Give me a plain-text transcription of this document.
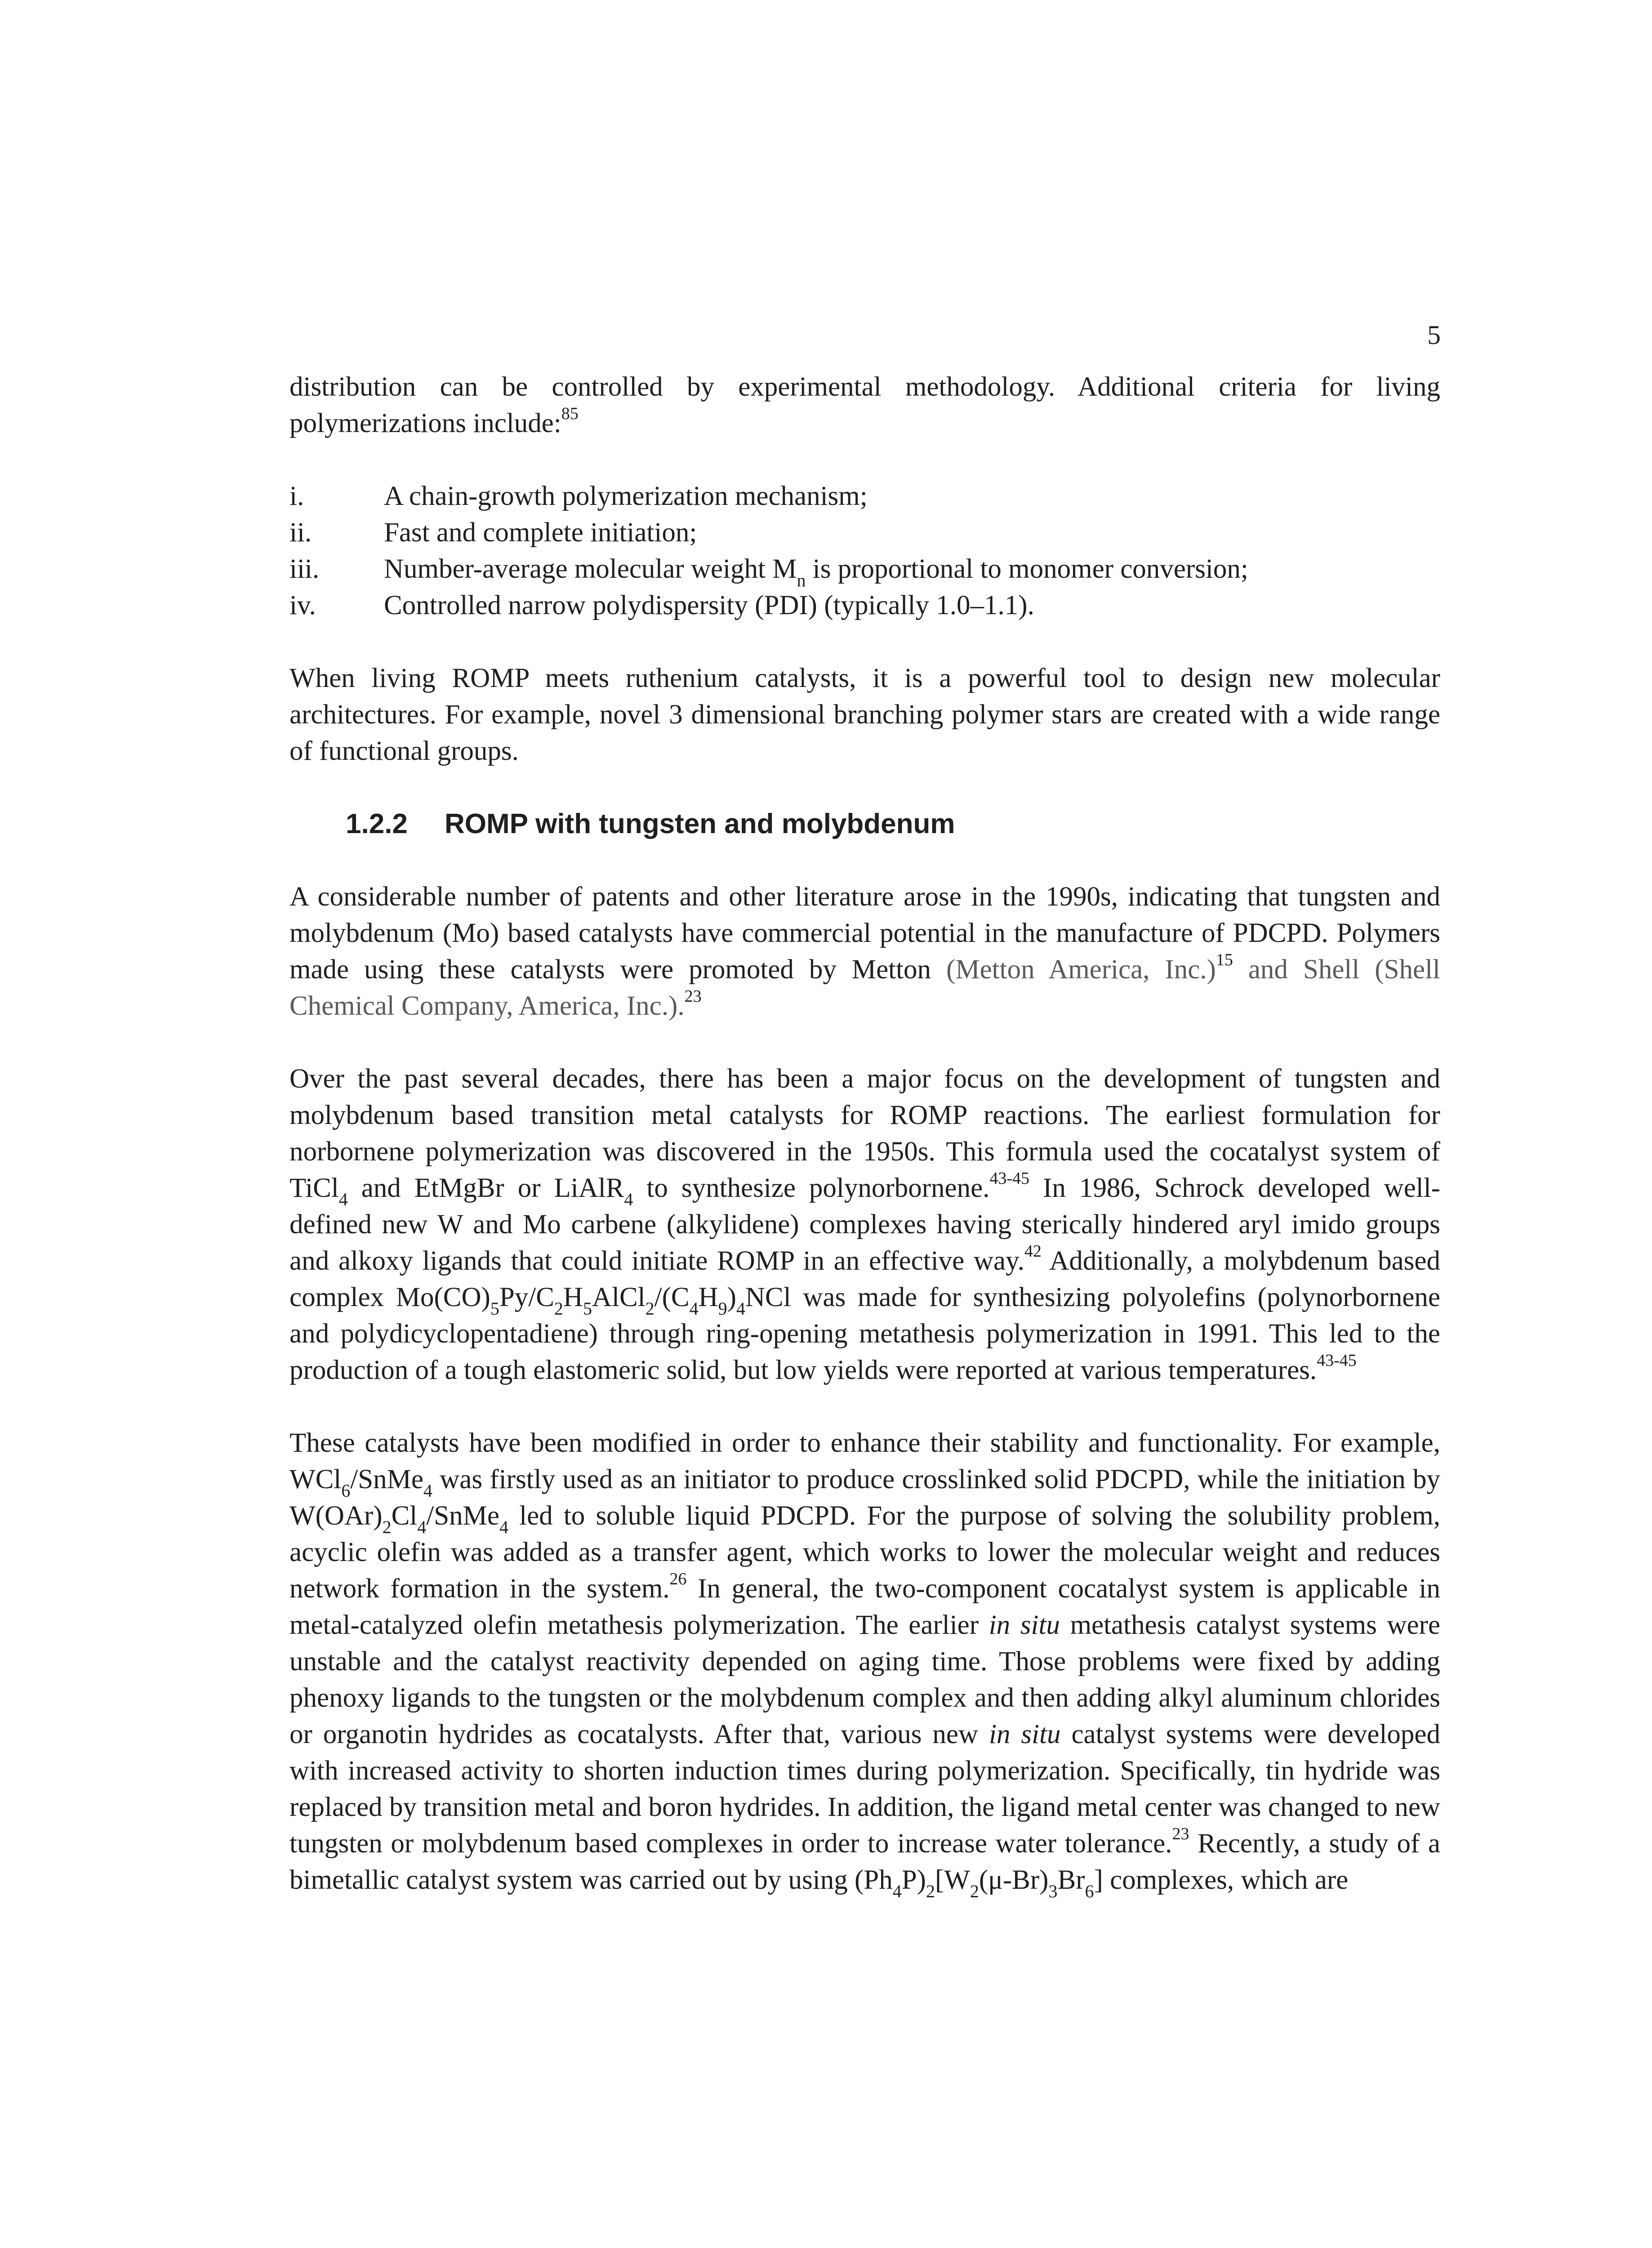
5

distribution can be controlled by experimental methodology. Additional criteria for living polymerizations include:$^{85}$

i.	A chain-growth polymerization mechanism;
ii.	Fast and complete initiation;
iii. Number-average molecular weight $M_n$ is proportional to monomer conversion;
iv. Controlled narrow polydispersity (PDI) (typically 1.0–1.1).

When living ROMP meets ruthenium catalysts, it is a powerful tool to design new molecular architectures. For example, novel 3 dimensional branching polymer stars are created with a wide range of functional groups.

1.2.2	ROMP with tungsten and molybdenum

A considerable number of patents and other literature arose in the 1990s, indicating that tungsten and molybdenum (Mo) based catalysts have commercial potential in the manufacture of PDCPD. Polymers made using these catalysts were promoted by Metton (Metton America, Inc.)$^{15}$ and Shell (Shell Chemical Company, America, Inc.).$^{23}$

Over the past several decades, there has been a major focus on the development of tungsten and molybdenum based transition metal catalysts for ROMP reactions. The earliest formulation for norbornene polymerization was discovered in the 1950s. This formula used the cocatalyst system of TiCl$_4$ and EtMgBr or LiAlR$_4$ to synthesize polynorbornene.$^{43-45}$ In 1986, Schrock developed well-defined new W and Mo carbene (alkylidene) complexes having sterically hindered aryl imido groups and alkoxy ligands that could initiate ROMP in an effective way.$^{42}$ Additionally, a molybdenum based complex $Mo(CO)_5Py/C_2H_5AlCl_2/(C_4H_9)_4NCl$ was made for synthesizing polyolefins (polynorbornene and polydicyclopentadiene) through ring-opening metathesis polymerization in 1991. This led to the production of a tough elastomeric solid, but low yields were reported at various temperatures.$^{43-45}$

These catalysts have been modified in order to enhance their stability and functionality. For example, WCl$_6$/SnMe$_4$ was firstly used as an initiator to produce crosslinked solid PDCPD, while the initiation by $W(OAr)_2Cl_4/SnMe_4$ led to soluble liquid PDCPD. For the purpose of solving the solubility problem, acyclic olefin was added as a transfer agent, which works to lower the molecular weight and reduces network formation in the system.$^{26}$ In general, the two-component cocatalyst system is applicable in metal-catalyzed olefin metathesis polymerization. The earlier in situ metathesis catalyst systems were unstable and the catalyst reactivity depended on aging time. Those problems were fixed by adding phenoxy ligands to the tungsten or the molybdenum complex and then adding alkyl aluminum chlorides or organotin hydrides as cocatalysts. After that, various new in situ catalyst systems were developed with increased activity to shorten induction times during polymerization. Specifically, tin hydride was replaced by transition metal and boron hydrides. In addition, the ligand metal center was changed to new tungsten or molybdenum based complexes in order to increase water tolerance.$^{23}$ Recently, a study of a bimetallic catalyst system was carried out by using $(Ph_4P)_2[W_2(\mu-Br)_3Br_6]$ complexes, which are
